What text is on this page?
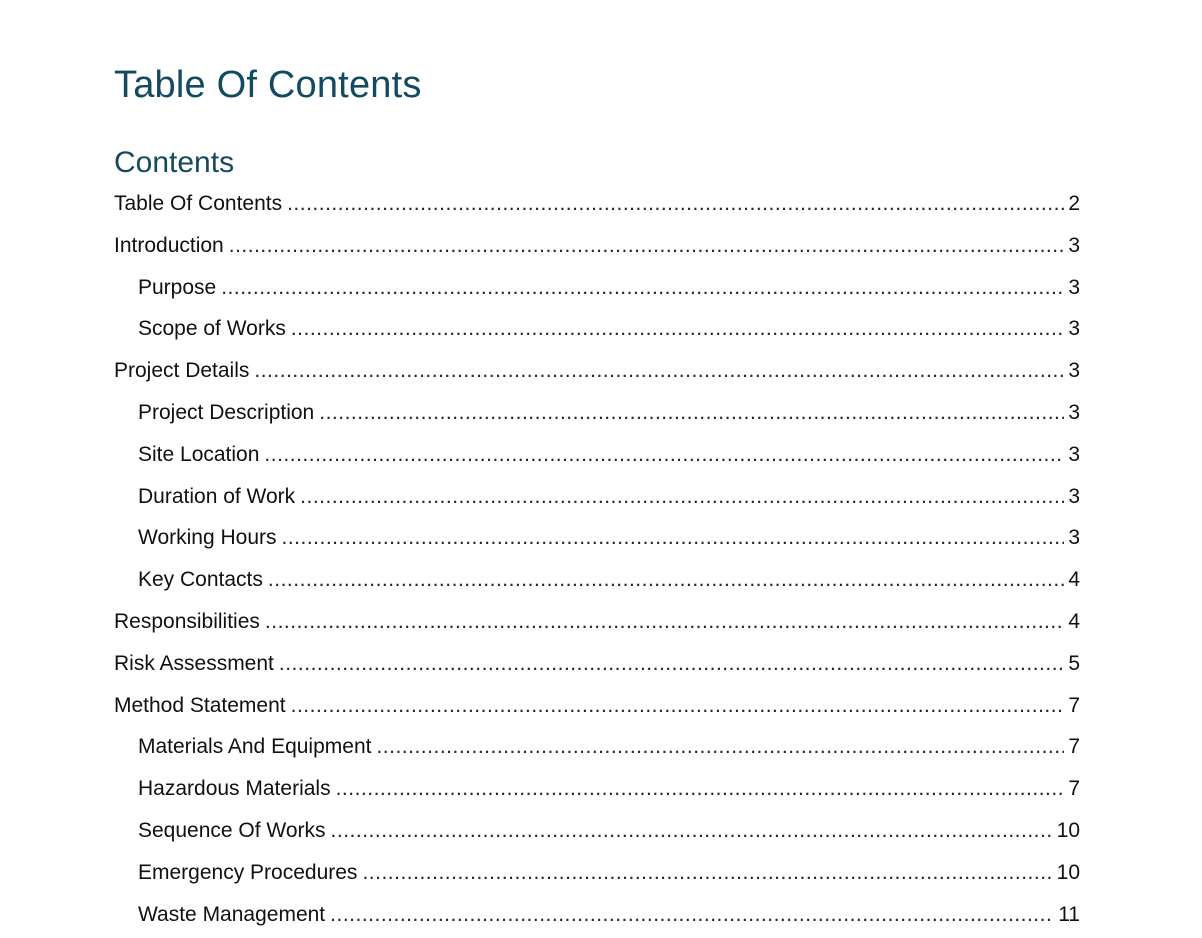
Table Of Contents
Contents
Table Of Contents .....	2
Introduction .....	3
Purpose .....	3
Scope of Works .....	3
Project Details .....	3
Project Description .....	3
Site Location .....	3
Duration of Work .....	3
Working Hours .....	3
Key Contacts .....	4
Responsibilities .....	4
Risk Assessment .....	5
Method Statement .....	7
Materials And Equipment .....	7
Hazardous Materials .....	7
Sequence Of Works .....	10
Emergency Procedures .....	10
Waste Management .....	11
